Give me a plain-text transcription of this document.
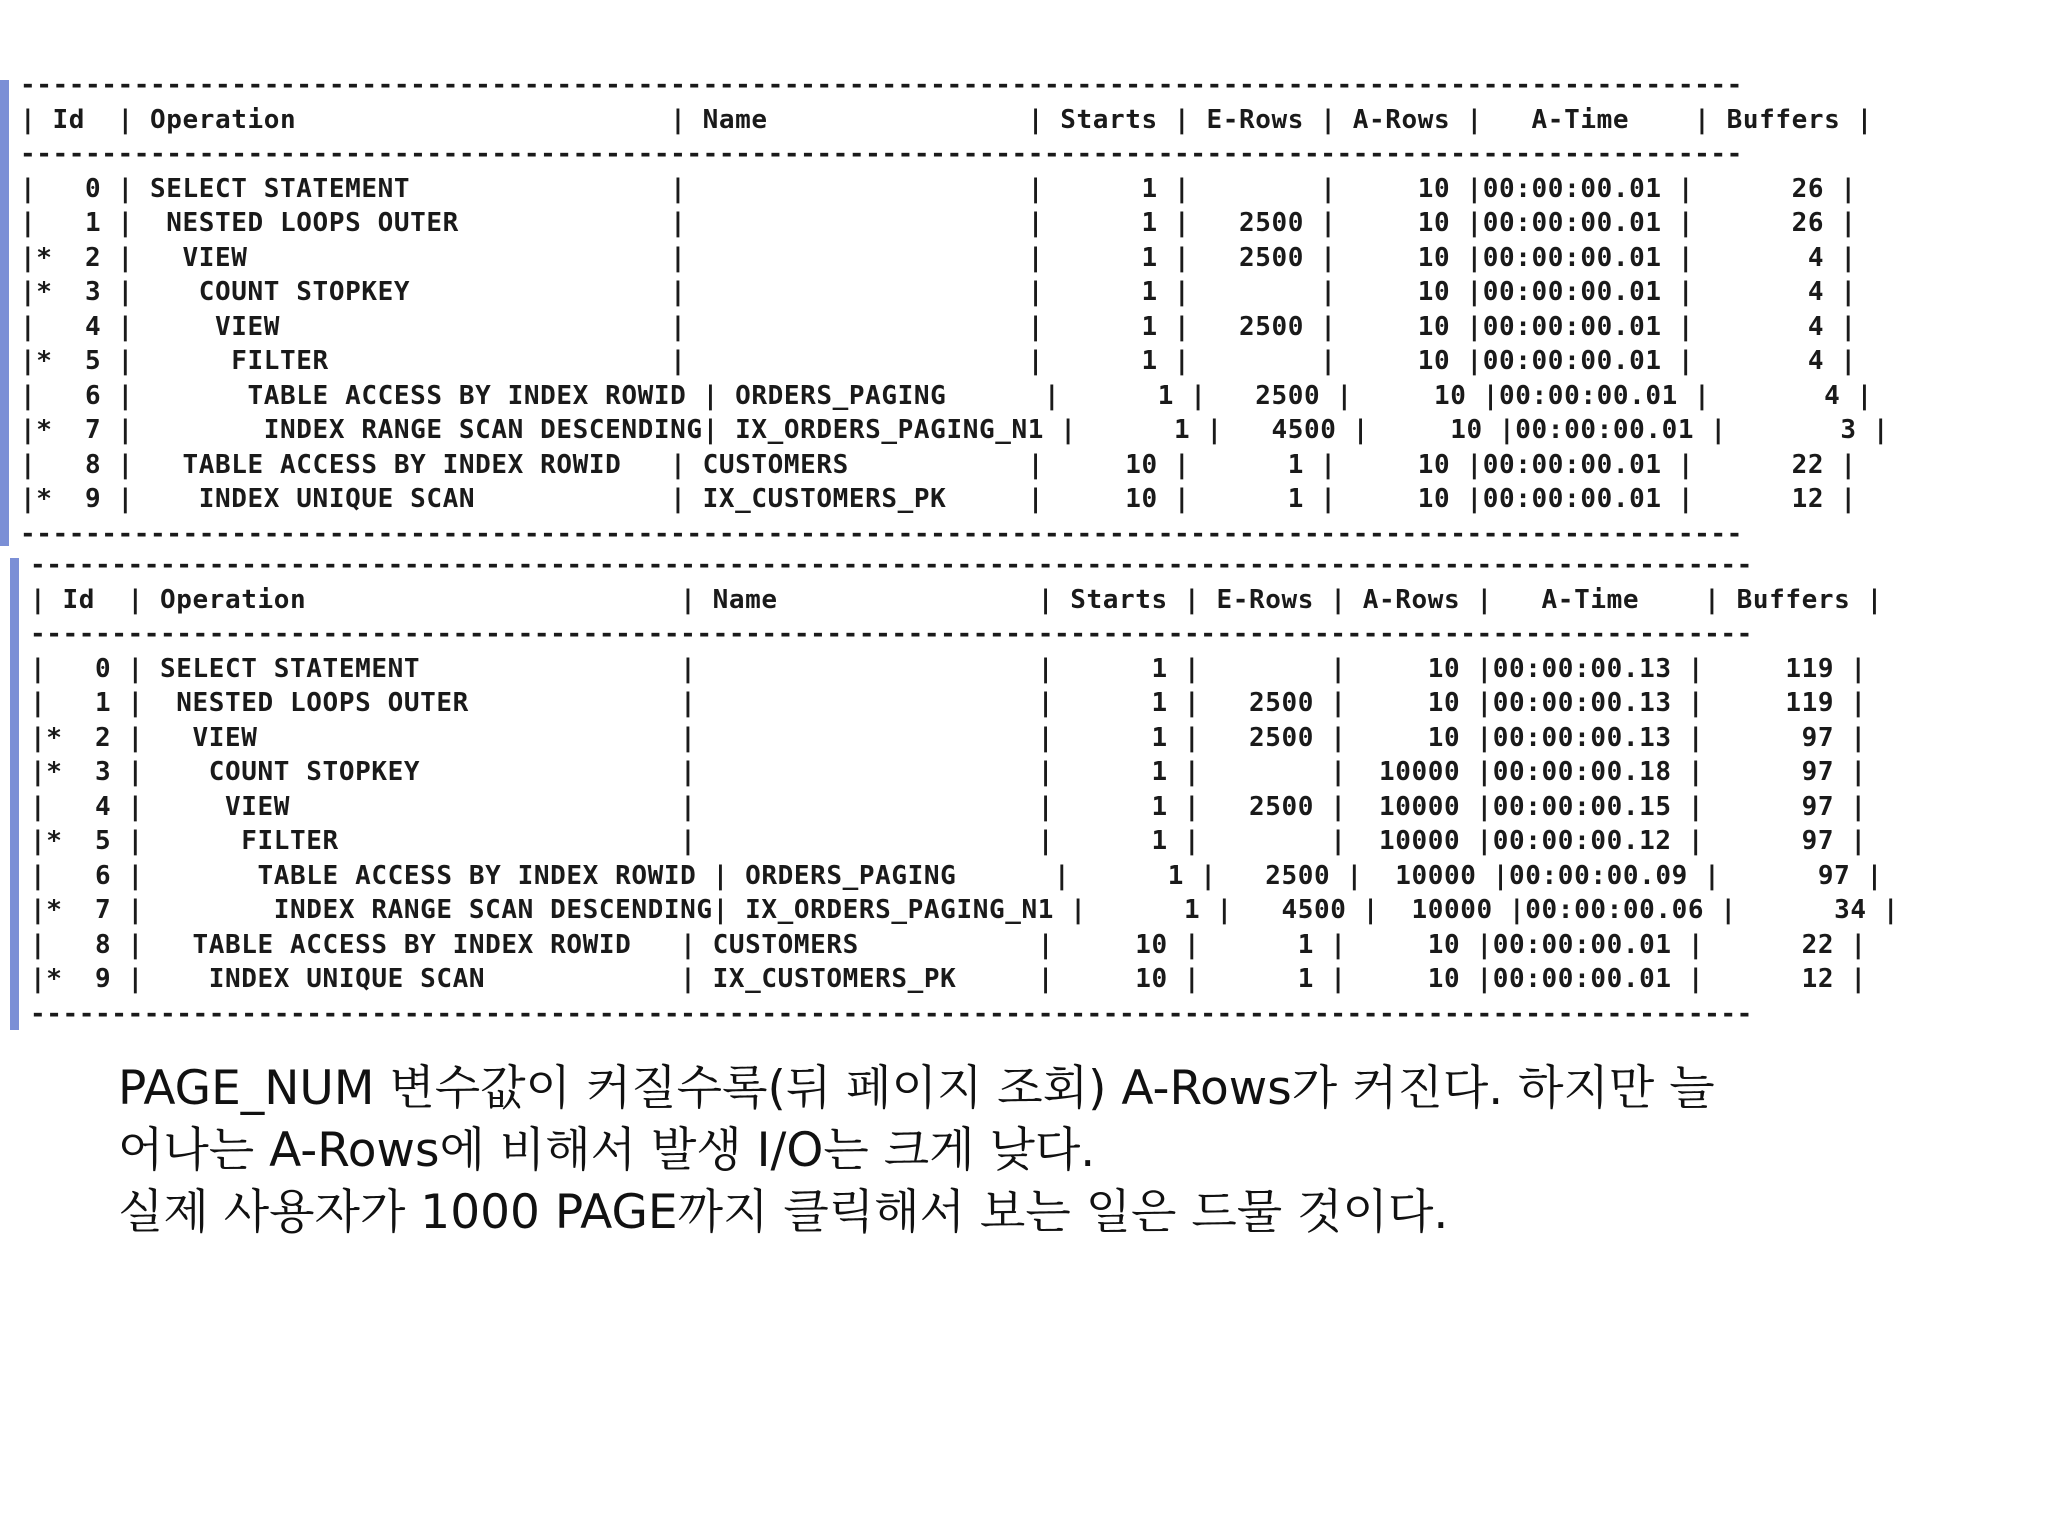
----------------------------------------------------------------------------------------------------------
| Id  | Operation                       | Name                | Starts | E-Rows | A-Rows |   A-Time    | Buffers |
----------------------------------------------------------------------------------------------------------
|   0 | SELECT STATEMENT                |                     |      1 |        |     10 |00:00:00.01 |      26 |
|   1 |  NESTED LOOPS OUTER             |                     |      1 |   2500 |     10 |00:00:00.01 |      26 |
|*  2 |   VIEW                          |                     |      1 |   2500 |     10 |00:00:00.01 |       4 |
|*  3 |    COUNT STOPKEY                |                     |      1 |        |     10 |00:00:00.01 |       4 |
|   4 |     VIEW                        |                     |      1 |   2500 |     10 |00:00:00.01 |       4 |
|*  5 |      FILTER                     |                     |      1 |        |     10 |00:00:00.01 |       4 |
|   6 |       TABLE ACCESS BY INDEX ROWID | ORDERS_PAGING      |      1 |   2500 |     10 |00:00:00.01 |       4 |
|*  7 |        INDEX RANGE SCAN DESCENDING| IX_ORDERS_PAGING_N1 |      1 |   4500 |     10 |00:00:00.01 |       3 |
|   8 |   TABLE ACCESS BY INDEX ROWID   | CUSTOMERS           |     10 |      1 |     10 |00:00:00.01 |      22 |
|*  9 |    INDEX UNIQUE SCAN            | IX_CUSTOMERS_PK     |     10 |      1 |     10 |00:00:00.01 |      12 |
----------------------------------------------------------------------------------------------------------
----------------------------------------------------------------------------------------------------------
| Id  | Operation                       | Name                | Starts | E-Rows | A-Rows |   A-Time    | Buffers |
----------------------------------------------------------------------------------------------------------
|   0 | SELECT STATEMENT                |                     |      1 |        |     10 |00:00:00.13 |     119 |
|   1 |  NESTED LOOPS OUTER             |                     |      1 |   2500 |     10 |00:00:00.13 |     119 |
|*  2 |   VIEW                          |                     |      1 |   2500 |     10 |00:00:00.13 |      97 |
|*  3 |    COUNT STOPKEY                |                     |      1 |        |  10000 |00:00:00.18 |      97 |
|   4 |     VIEW                        |                     |      1 |   2500 |  10000 |00:00:00.15 |      97 |
|*  5 |      FILTER                     |                     |      1 |        |  10000 |00:00:00.12 |      97 |
|   6 |       TABLE ACCESS BY INDEX ROWID | ORDERS_PAGING      |      1 |   2500 |  10000 |00:00:00.09 |      97 |
|*  7 |        INDEX RANGE SCAN DESCENDING| IX_ORDERS_PAGING_N1 |      1 |   4500 |  10000 |00:00:00.06 |      34 |
|   8 |   TABLE ACCESS BY INDEX ROWID   | CUSTOMERS           |     10 |      1 |     10 |00:00:00.01 |      22 |
|*  9 |    INDEX UNIQUE SCAN            | IX_CUSTOMERS_PK     |     10 |      1 |     10 |00:00:00.01 |      12 |
----------------------------------------------------------------------------------------------------------
PAGE_NUM 변수값이 커질수록(뒤 페이지 조회) A-Rows가 커진다. 하지만 늘
어나는 A-Rows에 비해서 발생 I/O는 크게 낮다.
실제 사용자가 1000 PAGE까지 클릭해서 보는 일은 드물 것이다.
